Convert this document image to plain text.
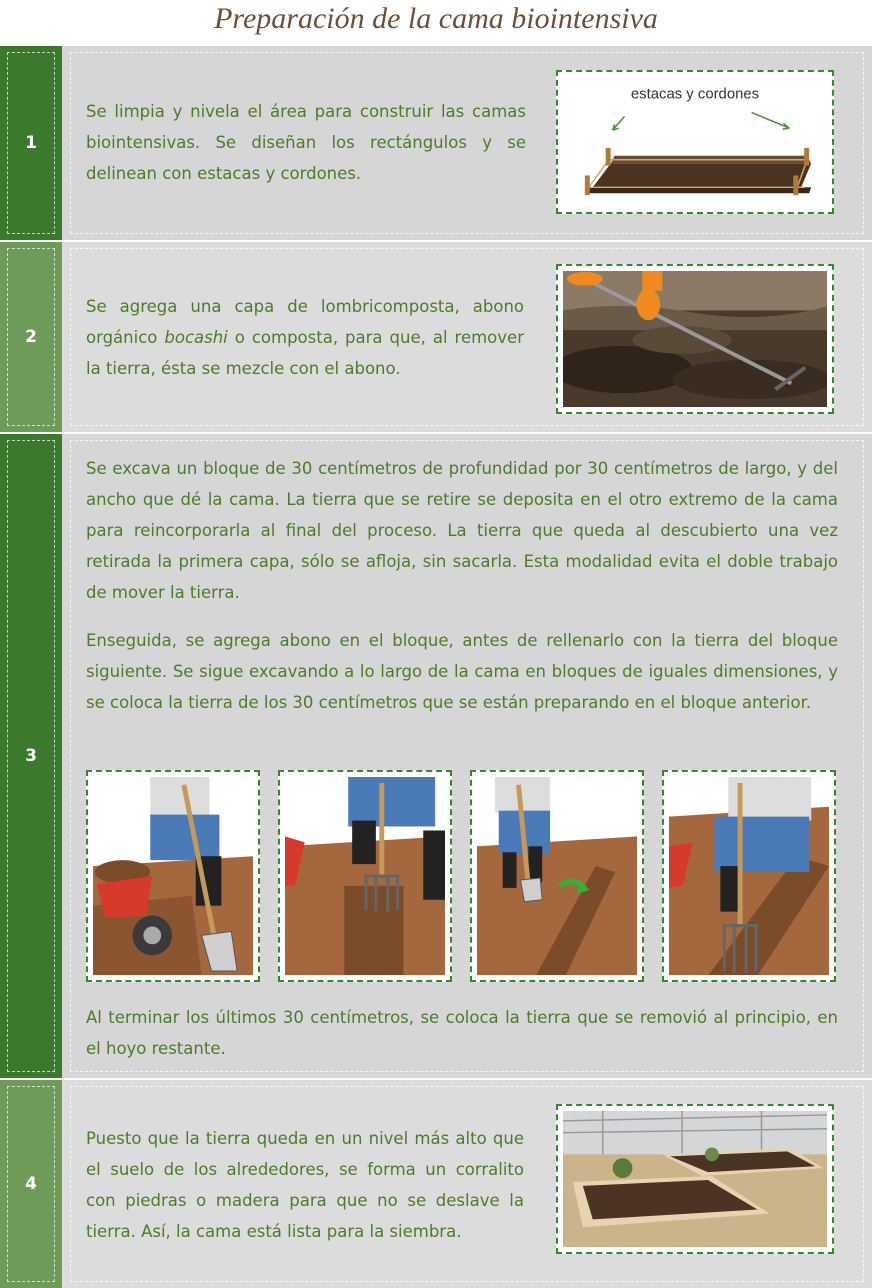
Preparación de la cama biointensiva
1
Se limpia y nivela el área para construir las camas biointensivas. Se diseñan los rectángulos y se delinean con estacas y cordones.
estacas y cordones
2
Se agrega una capa de lombricomposta, abono orgánico bocashi o composta, para que, al remover la tierra, ésta se mezcle con el abono.
3
Se excava un bloque de 30 centímetros de profundidad por 30 centímetros de largo, y del ancho que dé la cama. La tierra que se retire se deposita en el otro extremo de la cama para reincorporarla al final del proceso. La tierra que queda al descubierto una vez retirada la primera capa, sólo se afloja, sin sacarla. Esta modalidad evita el doble trabajo de mover la tierra.
Enseguida, se agrega abono en el bloque, antes de rellenarlo con la tierra del bloque siguiente. Se sigue excavando a lo largo de la cama en bloques de iguales dimensiones, y se coloca la tierra de los 30 centímetros que se están preparando en el bloque anterior.
Al terminar los últimos 30 centímetros, se coloca la tierra que se removió al principio, en el hoyo restante.
4
Puesto que la tierra queda en un nivel más alto que el suelo de los alrededores, se forma un corralito con piedras o madera para que no se deslave la tierra. Así, la cama está lista para la siembra.
